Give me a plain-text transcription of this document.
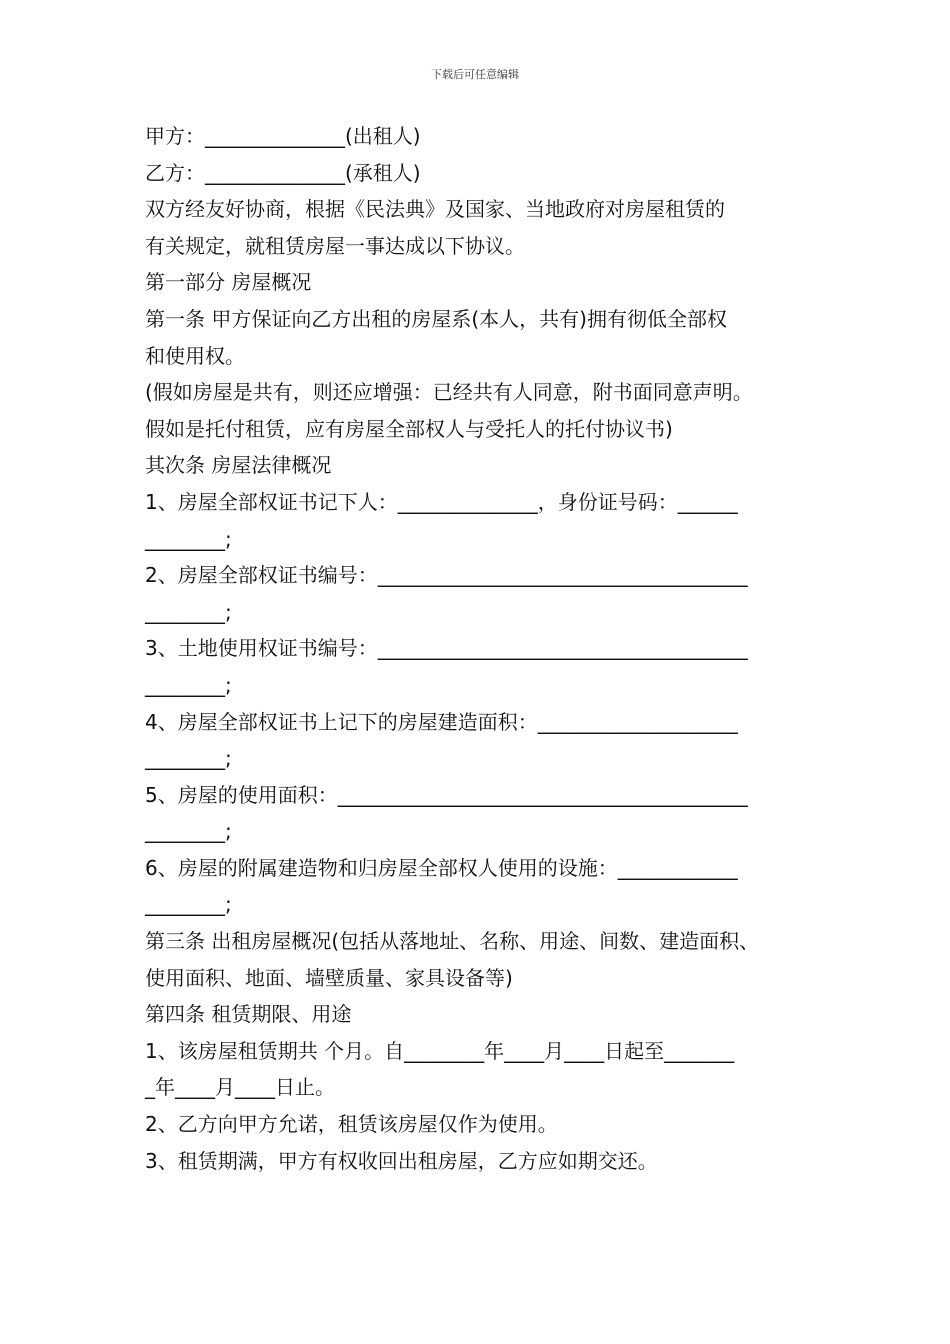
下载后可任意编辑
甲方：______________(出租人)
乙方：______________(承租人)
双方经友好协商，根据《民法典》及国家、当地政府对房屋租赁的
有关规定，就租赁房屋一事达成以下协议。
第一部分 房屋概况
第一条 甲方保证向乙方出租的房屋系(本人，共有)拥有彻低全部权
和使用权。
(假如房屋是共有，则还应增强：已经共有人同意，附书面同意声明。
假如是托付租赁，应有房屋全部权人与受托人的托付协议书)
其次条 房屋法律概况
1、房屋全部权证书记下人：______________，身份证号码：______
________;
2、房屋全部权证书编号：_____________________________________
________;
3、土地使用权证书编号：_____________________________________
________;
4、房屋全部权证书上记下的房屋建造面积：____________________
________;
5、房屋的使用面积：_________________________________________
________;
6、房屋的附属建造物和归房屋全部权人使用的设施：____________
________;
第三条 出租房屋概况(包括从落地址、名称、用途、间数、建造面积、
使用面积、地面、墙壁质量、家具设备等)
第四条 租赁期限、用途
1、该房屋租赁期共 个月。自________年____月____日起至_______
_年____月____日止。
2、乙方向甲方允诺，租赁该房屋仅作为使用。
3、租赁期满，甲方有权收回出租房屋，乙方应如期交还。
